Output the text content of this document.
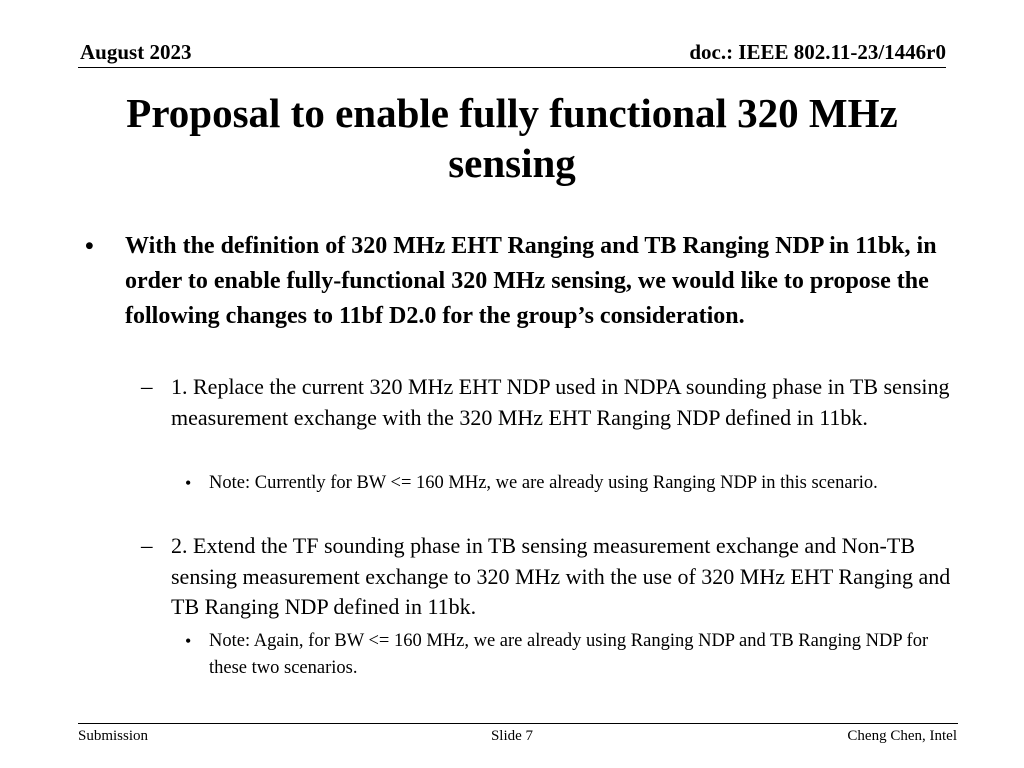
August 2023	doc.: IEEE 802.11-23/1446r0
Proposal to enable fully functional 320 MHz sensing
• With the definition of 320 MHz EHT Ranging and TB Ranging NDP in 11bk, in order to enable fully-functional 320 MHz sensing, we would like to propose the following changes to 11bf D2.0 for the group’s consideration.
– 1. Replace the current 320 MHz EHT NDP used in NDPA sounding phase in TB sensing measurement exchange with the 320 MHz EHT Ranging NDP defined in 11bk.
• Note: Currently for BW <= 160 MHz, we are already using Ranging NDP in this scenario.
– 2. Extend the TF sounding phase in TB sensing measurement exchange and Non-TB sensing measurement exchange to 320 MHz with the use of 320 MHz EHT Ranging and TB Ranging NDP defined in 11bk.
• Note: Again, for BW <= 160 MHz, we are already using Ranging NDP and TB Ranging NDP for these two scenarios.
Submission	Slide 7	Cheng Chen, Intel
